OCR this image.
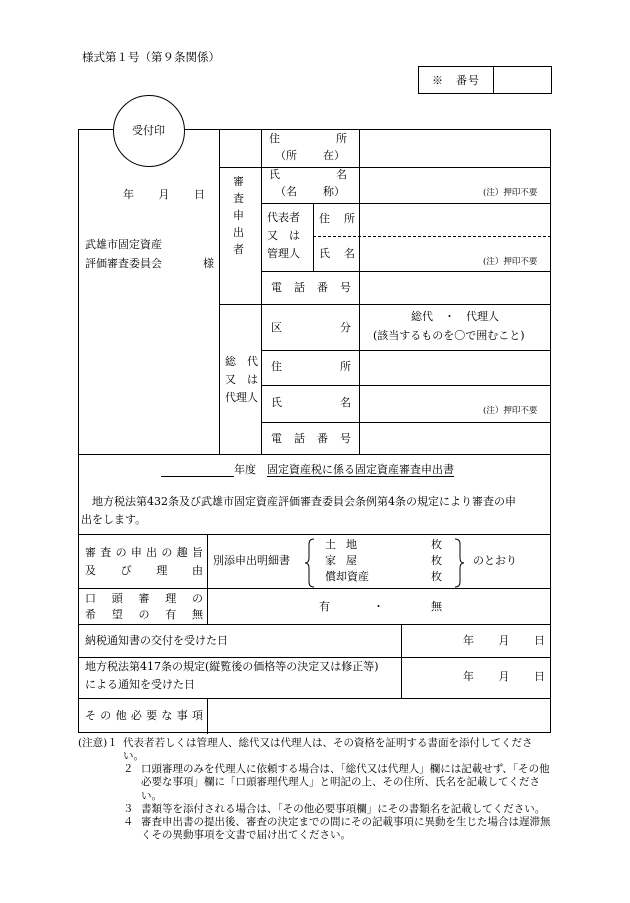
様式第１号（第９条関係）
※　番号
年 月 日
武雄市固定資産
評価審査委員会	様
審
査
申
出
者
住	所
（所 在）
氏	名
（名 称）	(注）押印不要
代表者
又　は
管理人
住 所
氏 名
(注）押印不要
電 話 番 号
総　代
又　は
代理人
区	分
総代　・　代理人
(該当するものを〇で囲むこと)
住	所
氏	名
(注）押印不要
電 話 番 号
年度　 固定資産税に係る固定資産審査申出書
　地方税法第432条及び武雄市固定資産評価審査委員会条例第4条の規定により審査の申
出をします。
審 査 の 申 出 の 趣 旨
及 び 理 由
別添申出明細書
土 地
家 屋
償却資産
枚
枚
枚
のとおり
口 頭 審 理 の
希 望 の 有 無
有	・	無
納税通知書の交付を受けた日	年 月 日
地方税法第417条の規定(縦覧後の価格等の決定又は修正等)
による通知を受けた日
年 月 日
そ の 他 必 要 な 事 項
受付印
(注意)１ 代表者若しくは管理人、総代又は代理人は、その資格を証明する書面を添付してください。
２ 口頭審理のみを代理人に依頼する場合は、「総代又は代理人」欄には記載せず、「その他必要な事項」欄に「口頭審理代理人」と明記の上、その住所、氏名を記載してください。
３ 書類等を添付される場合は、「その他必要事項欄」にその書類名を記載してください。
４ 審査申出書の提出後、審査の決定までの間にその記載事項に異動を生じた場合は遅滞無くその異動事項を文書で届け出てください。
